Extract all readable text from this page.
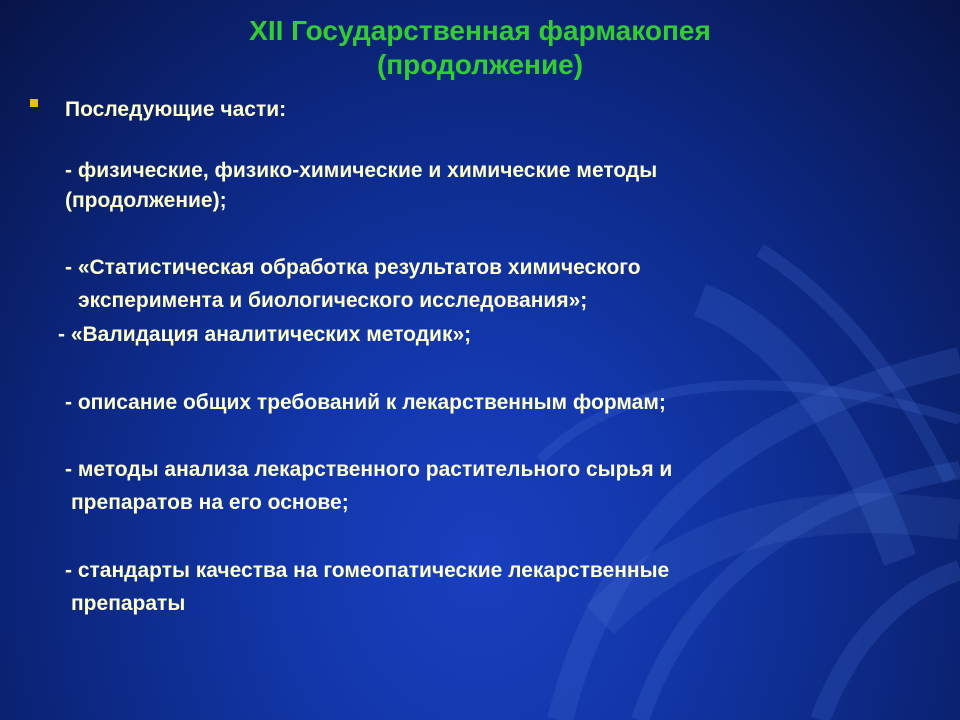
XII Государственная фармакопея
(продолжение)
Последующие части:
- физические, физико-химические и химические методы
(продолжение);
- «Статистическая обработка результатов химического
эксперимента и биологического исследования»;
- «Валидация аналитических методик»;
- описание общих требований к лекарственным формам;
- методы анализа лекарственного растительного сырья и
препаратов на его основе;
- стандарты качества на гомеопатические лекарственные
препараты
